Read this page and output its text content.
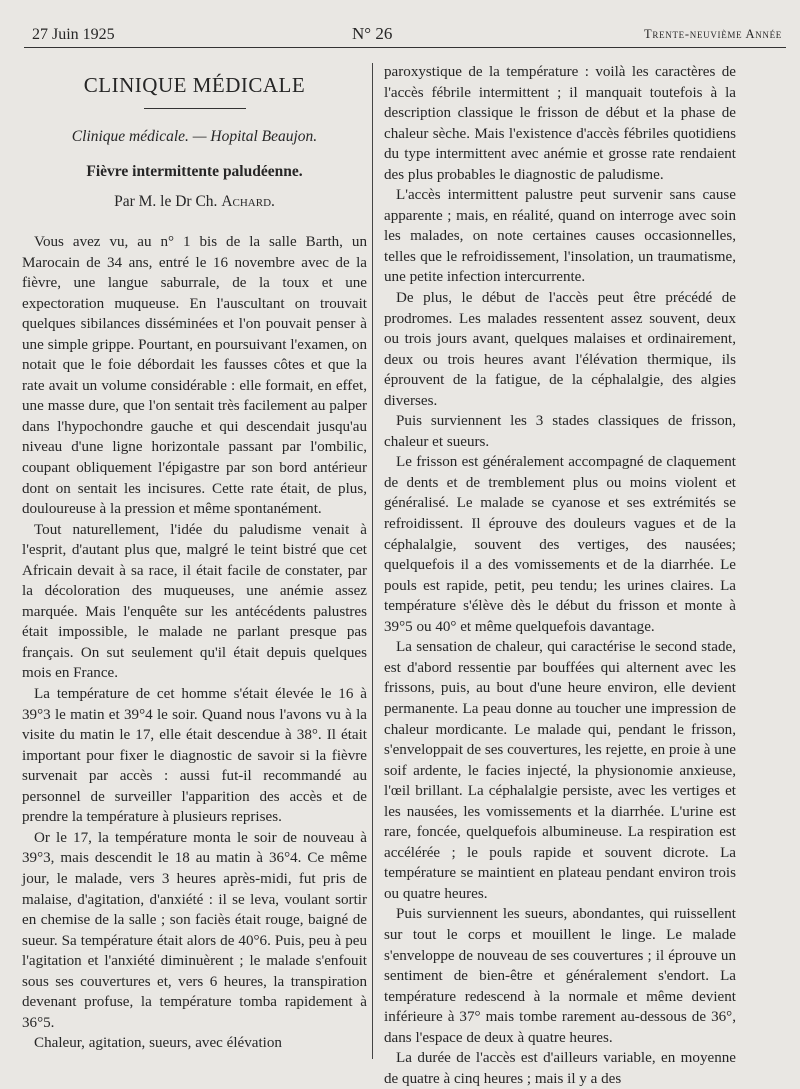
27 Juin 1925	N° 26	Trente-neuvième Année
CLINIQUE MÉDICALE
Clinique médicale. — Hopital Beaujon.
Fièvre intermittente paludéenne.
Par M. le Dr Ch. Achard.

Vous avez vu, au n° 1 bis de la salle Barth, un Marocain de 34 ans, entré le 16 novembre avec de la fièvre, une langue saburrale, de la toux et une expectoration muqueuse. En l'auscultant on trouvait quelques sibilances disséminées et l'on pouvait penser à une simple grippe. Pourtant, en poursuivant l'examen, on notait que le foie débordait les fausses côtes et que la rate avait un volume considérable : elle formait, en effet, une masse dure, que l'on sentait très facilement au palper dans l'hypochondre gauche et qui descendait jusqu'au niveau d'une ligne horizontale passant par l'ombilic, coupant obliquement l'épigastre par son bord antérieur dont on sentait les incisures. Cette rate était, de plus, douloureuse à la pression et même spontanément.

Tout naturellement, l'idée du paludisme venait à l'esprit, d'autant plus que, malgré le teint bistré que cet Africain devait à sa race, il était facile de constater, par la décoloration des muqueuses, une anémie assez marquée. Mais l'enquête sur les antécédents palustres était impossible, le malade ne parlant presque pas français. On sut seulement qu'il était depuis quelques mois en France.

La température de cet homme s'était élevée le 16 à 39°3 le matin et 39°4 le soir. Quand nous l'avons vu à la visite du matin le 17, elle était descendue à 38°. Il était important pour fixer le diagnostic de savoir si la fièvre survenait par accès : aussi fut-il recommandé au personnel de surveiller l'apparition des accès et de prendre la température à plusieurs reprises.

Or le 17, la température monta le soir de nouveau à 39°3, mais descendit le 18 au matin à 36°4. Ce même jour, le malade, vers 3 heures après-midi, fut pris de malaise, d'agitation, d'anxiété : il se leva, voulant sortir en chemise de la salle ; son faciès était rouge, baigné de sueur. Sa température était alors de 40°6. Puis, peu à peu l'agitation et l'anxiété diminuèrent ; le malade s'enfouit sous ses couvertures et, vers 6 heures, la transpiration devenant profuse, la température tomba rapidement à 36°5.

Chaleur, agitation, sueurs, avec élévation

paroxystique de la température : voilà les caractères de l'accès fébrile intermittent ; il manquait toutefois à la description classique le frisson de début et la phase de chaleur sèche. Mais l'existence d'accès fébriles quotidiens du type intermittent avec anémie et grosse rate rendaient des plus probables le diagnostic de paludisme.

L'accès intermittent palustre peut survenir sans cause apparente ; mais, en réalité, quand on interroge avec soin les malades, on note certaines causes occasionnelles, telles que le refroidissement, l'insolation, un traumatisme, une petite infection intercurrente.

De plus, le début de l'accès peut être précédé de prodromes. Les malades ressentent assez souvent, deux ou trois jours avant, quelques malaises et ordinairement, deux ou trois heures avant l'élévation thermique, ils éprouvent de la fatigue, de la céphalalgie, des algies diverses.

Puis surviennent les 3 stades classiques de frisson, chaleur et sueurs.

Le frisson est généralement accompagné de claquement de dents et de tremblement plus ou moins violent et généralisé. Le malade se cyanose et ses extrémités se refroidissent. Il éprouve des douleurs vagues et de la céphalalgie, souvent des vertiges, des nausées; quelquefois il a des vomissements et de la diarrhée. Le pouls est rapide, petit, peu tendu; les urines claires. La température s'élève dès le début du frisson et monte à 39°5 ou 40° et même quelquefois davantage.

La sensation de chaleur, qui caractérise le second stade, est d'abord ressentie par bouffées qui alternent avec les frissons, puis, au bout d'une heure environ, elle devient permanente. La peau donne au toucher une impression de chaleur mordicante. Le malade qui, pendant le frisson, s'enveloppait de ses couvertures, les rejette, en proie à une soif ardente, le facies injecté, la physionomie anxieuse, l'œil brillant. La céphalalgie persiste, avec les vertiges et les nausées, les vomissements et la diarrhée. L'urine est rare, foncée, quelquefois albumineuse. La respiration est accélérée ; le pouls rapide et souvent dicrote. La température se maintient en plateau pendant environ trois ou quatre heures.

Puis surviennent les sueurs, abondantes, qui ruissellent sur tout le corps et mouillent le linge. Le malade s'enveloppe de nouveau de ses couvertures ; il éprouve un sentiment de bien-être et généralement s'endort. La température redescend à la normale et même devient inférieure à 37° mais tombe rarement au-dessous de 36°, dans l'espace de deux à quatre heures.

La durée de l'accès est d'ailleurs variable, en moyenne de quatre à cinq heures ; mais il y a des
